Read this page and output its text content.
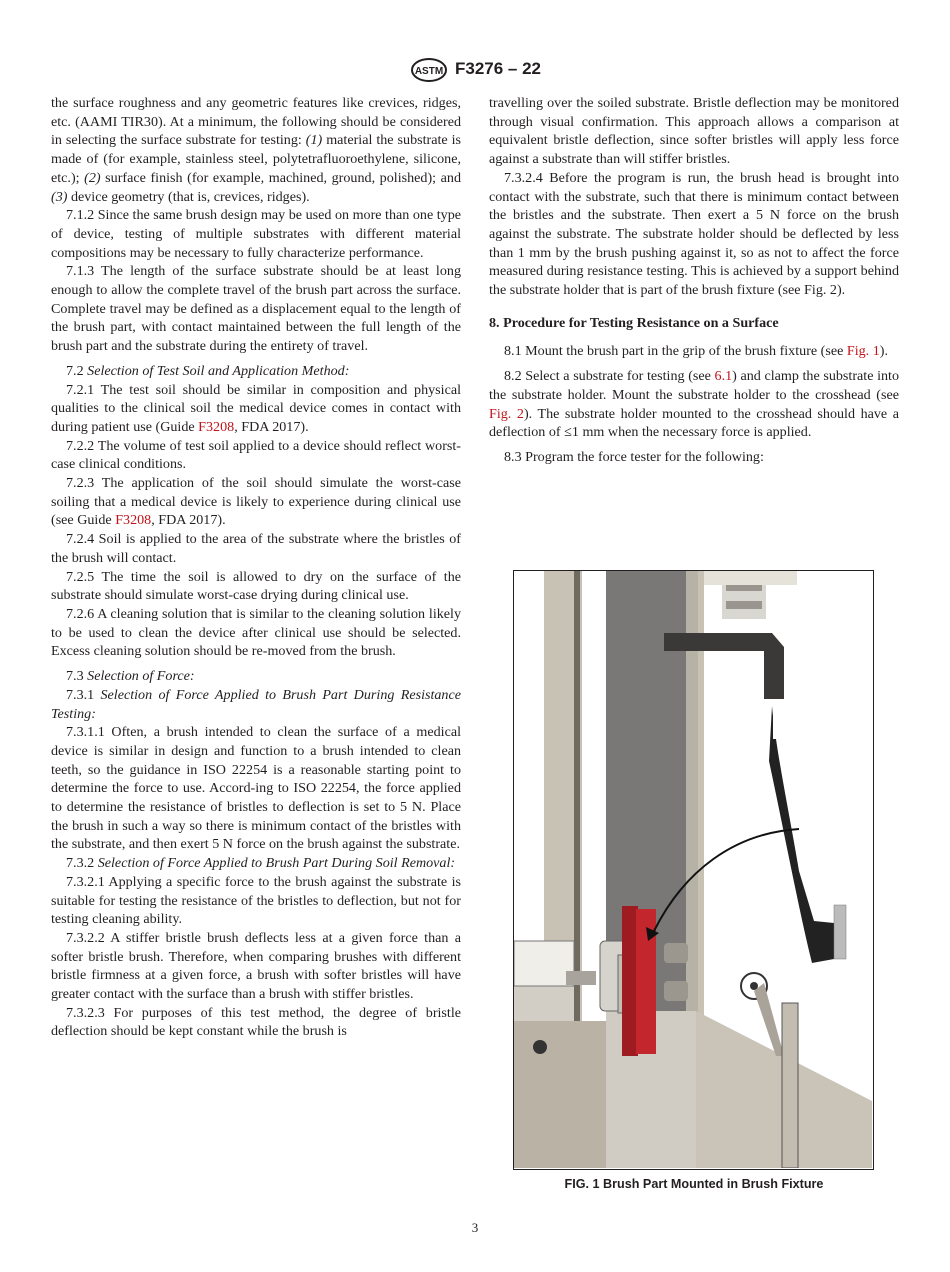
ASTM F3276 – 22

the surface roughness and any geometric features like crevices, ridges, etc. (AAMI TIR30). At a minimum, the following should be considered in selecting the surface substrate for testing: (1) material the substrate is made of (for example, stainless steel, polytetrafluoroethylene, silicone, etc.); (2) surface finish (for example, machined, ground, polished); and (3) device geometry (that is, crevices, ridges).

7.1.2 Since the same brush design may be used on more than one type of device, testing of multiple substrates with different material compositions may be necessary to fully characterize performance.

7.1.3 The length of the surface substrate should be at least long enough to allow the complete travel of the brush part across the surface. Complete travel may be defined as a displacement equal to the length of the brush part, with contact maintained between the full length of the brush part and the substrate during the entirety of travel.

7.2 Selection of Test Soil and Application Method:

7.2.1 The test soil should be similar in composition and physical qualities to the clinical soil the medical device comes in contact with during patient use (Guide F3208, FDA 2017).

7.2.2 The volume of test soil applied to a device should reflect worst-case clinical conditions.

7.2.3 The application of the soil should simulate the worst-case soiling that a medical device is likely to experience during clinical use (see Guide F3208, FDA 2017).

7.2.4 Soil is applied to the area of the substrate where the bristles of the brush will contact.

7.2.5 The time the soil is allowed to dry on the surface of the substrate should simulate worst-case drying during clinical use.

7.2.6 A cleaning solution that is similar to the cleaning solution likely to be used to clean the device after clinical use should be selected. Excess cleaning solution should be re-moved from the brush.

7.3 Selection of Force:

7.3.1 Selection of Force Applied to Brush Part During Resistance Testing:

7.3.1.1 Often, a brush intended to clean the surface of a medical device is similar in design and function to a brush intended to clean teeth, so the guidance in ISO 22254 is a reasonable starting point to determine the force to use. Accord-ing to ISO 22254, the force applied to determine the resistance of bristles to deflection is set to 5 N. Place the brush in such a way so there is minimum contact of the bristles with the substrate, and then exert 5 N force on the brush against the substrate.

7.3.2 Selection of Force Applied to Brush Part During Soil Removal:

7.3.2.1 Applying a specific force to the brush against the substrate is suitable for testing the resistance of the bristles to deflection, but not for testing cleaning ability.

7.3.2.2 A stiffer bristle brush deflects less at a given force than a softer bristle brush. Therefore, when comparing brushes with different bristle firmness at a given force, a brush with softer bristles will have greater contact with the surface than a brush with stiffer bristles.

7.3.2.3 For purposes of this test method, the degree of bristle deflection should be kept constant while the brush is

travelling over the soiled substrate. Bristle deflection may be monitored through visual confirmation. This approach allows a comparison at equivalent bristle deflection, since softer bristles will apply less force against a substrate than will stiffer bristles.

7.3.2.4 Before the program is run, the brush head is brought into contact with the substrate, such that there is minimum contact between the bristles and the substrate. Then exert a 5 N force on the brush against the substrate. The substrate holder should be deflected by less than 1 mm by the brush pushing against it, so as not to affect the force measured during resistance testing. This is achieved by a support behind the substrate holder that is part of the brush fixture (see Fig. 2).

8. Procedure for Testing Resistance on a Surface

8.1 Mount the brush part in the grip of the brush fixture (see Fig. 1).

8.2 Select a substrate for testing (see 6.1) and clamp the substrate into the substrate holder. Mount the substrate holder to the crosshead (see Fig. 2). The substrate holder mounted to the crosshead should have a deflection of ≤1 mm when the necessary force is applied.

8.3 Program the force tester for the following:

FIG. 1 Brush Part Mounted in Brush Fixture
3
